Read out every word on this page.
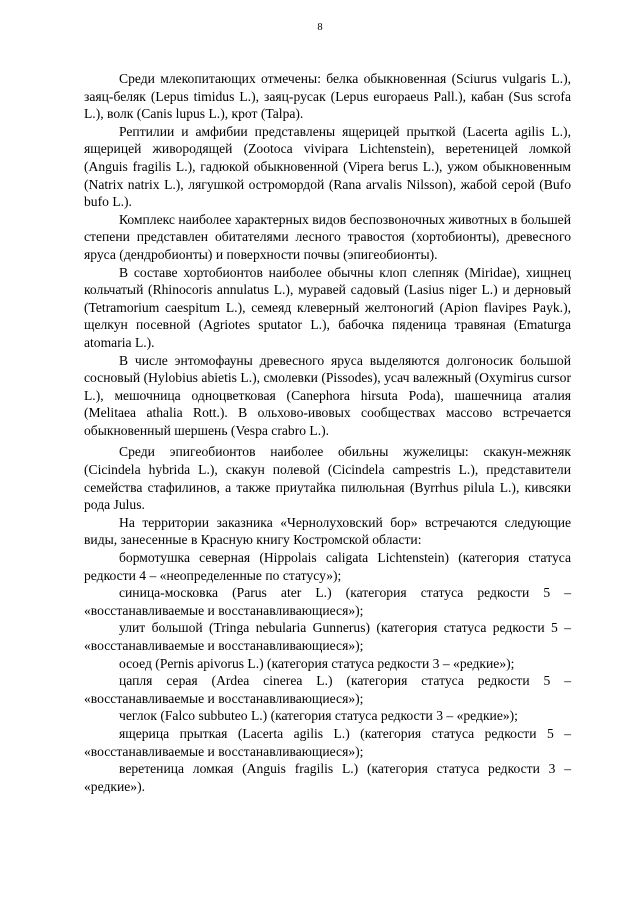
8

Среди млекопитающих отмечены: белка обыкновенная (Sciurus vulgaris L.), заяц-беляк (Lepus timidus L.), заяц-русак (Lepus europaeus Pall.), кабан (Sus scrofa L.), волк (Canis lupus L.), крот (Talpa).

Рептилии и амфибии представлены ящерицей прыткой (Lacerta agilis L.), ящерицей живородящей (Zootoca vivipara Lichtenstein), веретеницей ломкой (Anguis fragilis L.), гадюкой обыкновенной (Vipera berus L.), ужом обыкновенным (Natrix natrix L.), лягушкой остромордой (Rana arvalis Nilsson), жабой серой (Bufo bufo L.).

Комплекс наиболее характерных видов беспозвоночных животных в большей степени представлен обитателями лесного травостоя (хортобионты), древесного яруса (дендробионты) и поверхности почвы (эпигеобионты).

В составе хортобионтов наиболее обычны клоп слепняк (Miridae), хищнец кольчатый (Rhinocoris annulatus L.), муравей садовый (Lasius niger L.) и дерновый (Tetramorium caespitum L.), семеяд клеверный желтоногий (Apion flavipes Payk.), щелкун посевной (Agriotes sputator L.), бабочка пяденица травяная (Ematurga atomaria L.).

В числе энтомофауны древесного яруса выделяются долгоносик большой сосновый (Hylobius abietis L.), смолевки (Pissodes), усач валежный (Oxymirus cursor L.), мешочница одноцветковая (Canephora hirsuta Poda), шашечница аталия (Melitaea athalia Rott.). В ольхово-ивовых сообществах массово встречается обыкновенный шершень (Vespa crabro L.).

Среди эпигеобионтов наиболее обильны жужелицы: скакун-межняк (Cicindela hybrida L.), скакун полевой (Cicindela campestris L.), представители семейства стафилинов, а также приутайка пилюльная (Byrrhus pilula L.), кивсяки рода Julus.

На территории заказника «Чернолуховский бор» встречаются следующие виды, занесенные в Красную книгу Костромской области:

бормотушка северная (Hippolais caligata Lichtenstein) (категория статуса редкости 4 – «неопределенные по статусу»);

синица-московка (Parus ater L.) (категория статуса редкости 5 – «восстанавливаемые и восстанавливающиеся»);

улит большой (Tringa nebularia Gunnerus) (категория статуса редкости 5 – «восстанавливаемые и восстанавливающиеся»);

осоед (Pernis apivorus L.) (категория статуса редкости 3 – «редкие»);

цапля серая (Ardea cinerea L.) (категория статуса редкости 5 – «восстанавливаемые и восстанавливающиеся»);

чеглок (Falco subbuteo L.) (категория статуса редкости 3 – «редкие»);

ящерица прыткая (Lacerta agilis L.) (категория статуса редкости 5 – «восстанавливаемые и восстанавливающиеся»);

веретеница ломкая (Anguis fragilis L.) (категория статуса редкости 3 – «редкие»).
